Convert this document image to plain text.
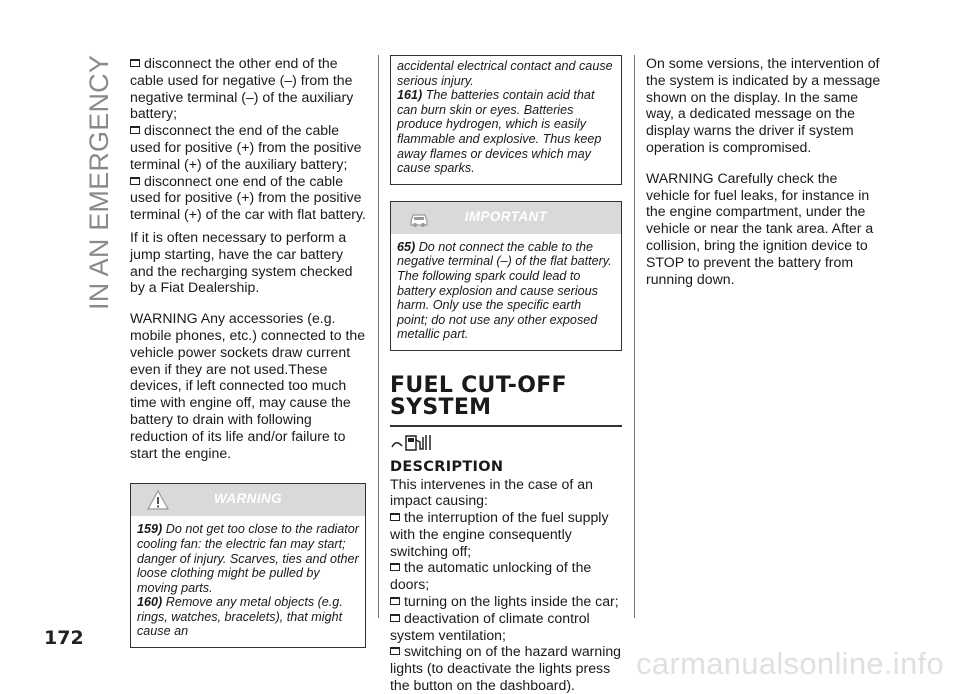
IN AN EMERGENCY
172

disconnect the other end of the cable used for negative (–) from the negative terminal (–) of the auxiliary battery;

disconnect the end of the cable used for positive (+) from the positive terminal (+) of the auxiliary battery;

disconnect one end of the cable used for positive (+) from the positive terminal (+) of the car with flat battery.

If it is often necessary to perform a jump starting, have the car battery and the recharging system checked by a Fiat Dealership.

WARNING Any accessories (e.g. mobile phones, etc.) connected to the vehicle power sockets draw current even if they are not used.These devices, if left connected too much time with engine off, may cause the battery to drain with following reduction of its life and/or failure to start the engine.

WARNING

159) Do not get too close to the radiator cooling fan: the electric fan may start; danger of injury. Scarves, ties and other loose clothing might be pulled by moving parts.

160) Remove any metal objects (e.g. rings, watches, bracelets), that might cause an

accidental electrical contact and cause serious injury.

161) The batteries contain acid that can burn skin or eyes. Batteries produce hydrogen, which is easily flammable and explosive. Thus keep away flames or devices which may cause sparks.

IMPORTANT

65) Do not connect the cable to the negative terminal (–) of the flat battery. The following spark could lead to battery explosion and cause serious harm. Only use the specific earth point; do not use any other exposed metallic part.

FUEL CUT-OFF SYSTEM

DESCRIPTION

This intervenes in the case of an impact causing:

the interruption of the fuel supply with the engine consequently switching off;

the automatic unlocking of the doors;

turning on the lights inside the car;

deactivation of climate control system ventilation;

switching on of the hazard warning lights (to deactivate the lights press the button on the dashboard).

On some versions, the intervention of the system is indicated by a message shown on the display. In the same way, a dedicated message on the display warns the driver if system operation is compromised.

WARNING Carefully check the vehicle for fuel leaks, for instance in the engine compartment, under the vehicle or near the tank area. After a collision, bring the ignition device to STOP to prevent the battery from running down.

carmanualsonline.info
